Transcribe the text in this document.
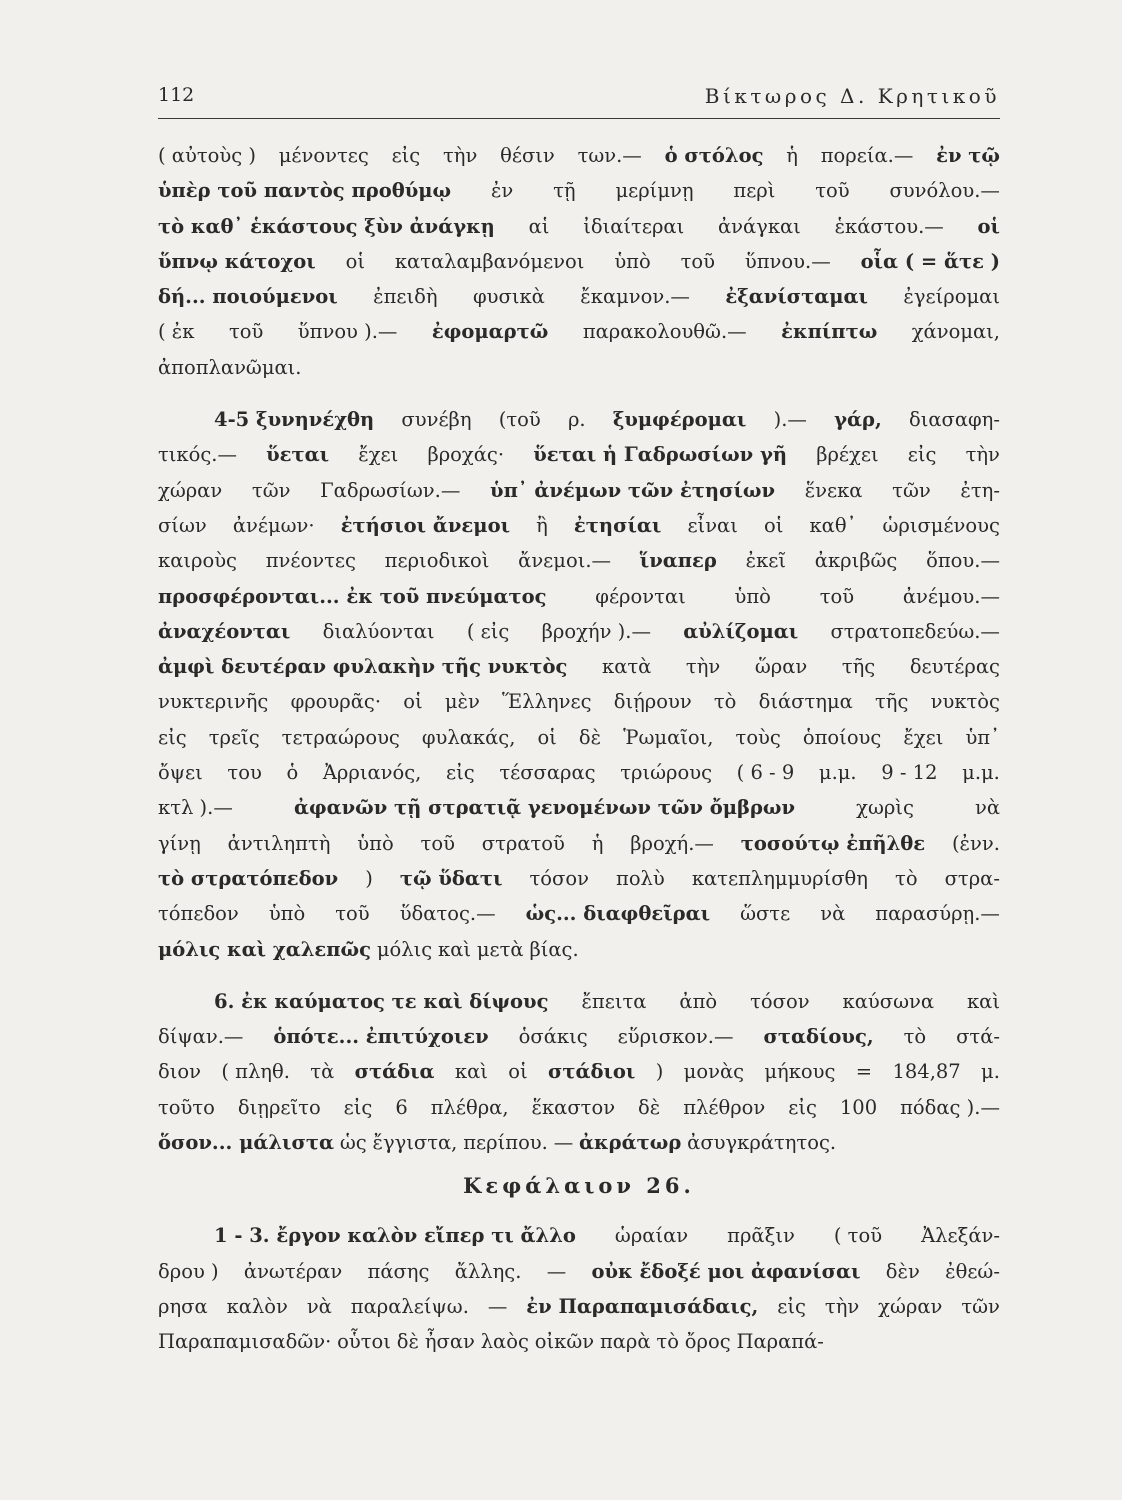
112	Βίκτωρος Δ. Κρητικοῦ
( αὐτοὺς ) μένοντες εἰς τὴν θέσιν των.— ὁ στόλος ἡ πορεία.— ἐν τῷ
ὑπὲρ τοῦ παντὸς προθύμῳ ἐν τῇ μερίμνῃ περὶ τοῦ συνόλου.—
τὸ καθ᾽ ἑκάστους ξὺν ἀνάγκῃ αἱ ἰδιαίτεραι ἀνάγκαι ἑκάστου.— οἱ
ὕπνῳ κάτοχοι οἱ καταλαμβανόμενοι ὑπὸ τοῦ ὕπνου.— οἷα ( = ἅτε )
δή... ποιούμενοι ἐπειδὴ φυσικὰ ἔκαμνον.— ἐξανίσταμαι ἐγείρομαι
( ἐκ τοῦ ὕπνου ).— ἐφομαρτῶ παρακολουθῶ.— ἐκπίπτω χάνομαι,
ἀποπλανῶμαι.
4-5 ξυνηνέχθη συνέβη (τοῦ ρ. ξυμφέρομαι ).— γάρ, διασαφη-
τικός.— ὕεται ἔχει βροχάς· ὕεται ἡ Γαδρωσίων γῆ βρέχει εἰς τὴν
χώραν τῶν Γαδρωσίων.— ὑπ᾽ ἀνέμων τῶν ἐτησίων ἕνεκα τῶν ἐτη-
σίων ἀνέμων· ἐτήσιοι ἄνεμοι ἢ ἐτησίαι εἶναι οἱ καθ᾽ ὡρισμένους
καιροὺς πνέοντες περιοδικοὶ ἄνεμοι.— ἵναπερ ἐκεῖ ἀκριβῶς ὅπου.—
προσφέρονται... ἐκ τοῦ πνεύματος	φέρονται	ὑπὸ	τοῦ	ἀνέμου.—
ἀναχέονται διαλύονται ( εἰς βροχήν ).— αὐλίζομαι στρατοπεδεύω.—
ἀμφὶ δευτέραν φυλακὴν τῆς νυκτὸς κατὰ τὴν ὥραν τῆς δευτέρας
νυκτερινῆς φρουρᾶς· οἱ μὲν Ἕλληνες διῄρουν τὸ διάστημα τῆς νυκτὸς
εἰς τρεῖς τετραώρους φυλακάς, οἱ δὲ Ῥωμαῖοι, τοὺς ὁποίους ἔχει ὑπ᾽
ὄψει του ὁ Ἀρριανός, εἰς τέσσαρας τριώρους ( 6 - 9 μ.μ. 9 - 12 μ.μ.
κτλ ).—	ἀφανῶν τῇ στρατιᾷ γενομένων τῶν ὄμβρων	χωρὶς	νὰ
γίνῃ ἀντιληπτὴ ὑπὸ τοῦ στρατοῦ ἡ βροχή.— τοσούτῳ ἐπῆλθε (ἐνν.
τὸ στρατόπεδον ) τῷ ὕδατι τόσον πολὺ κατεπλημμυρίσθη τὸ στρα-
τόπεδον ὑπὸ τοῦ ὕδατος.— ὡς... διαφθεῖραι ὥστε νὰ παρασύρῃ.—
μόλις καὶ χαλεπῶς μόλις καὶ μετὰ βίας.
6. ἐκ καύματος τε καὶ δίψους ἔπειτα ἀπὸ τόσον καύσωνα καὶ
δίψαν.— ὁπότε... ἐπιτύχοιεν ὁσάκις εὕρισκον.— σταδίους, τὸ στά-
διον ( πληθ. τὰ στάδια καὶ οἱ στάδιοι ) μονὰς μήκους = 184,87 μ.
τοῦτο διῃρεῖτο εἰς 6 πλέθρα, ἕκαστον δὲ πλέθρον εἰς 100 πόδας ).—
ὅσον... μάλιστα ὡς ἔγγιστα, περίπου. — ἀκράτωρ ἀσυγκράτητος.
Κεφάλαιον 26.
1 - 3. ἔργον καλὸν εἴπερ τι ἄλλο ὡραίαν πρᾶξιν ( τοῦ Ἀλεξάν-
δρου ) ἀνωτέραν πάσης ἄλλης. — οὐκ ἔδοξέ μοι ἀφανίσαι δὲν ἐθεώ-
ρησα καλὸν νὰ παραλείψω. — ἐν Παραπαμισάδαις, εἰς τὴν χώραν τῶν
Παραπαμισαδῶν· οὗτοι δὲ ἦσαν λαὸς οἰκῶν παρὰ τὸ ὄρος Παραπά-
